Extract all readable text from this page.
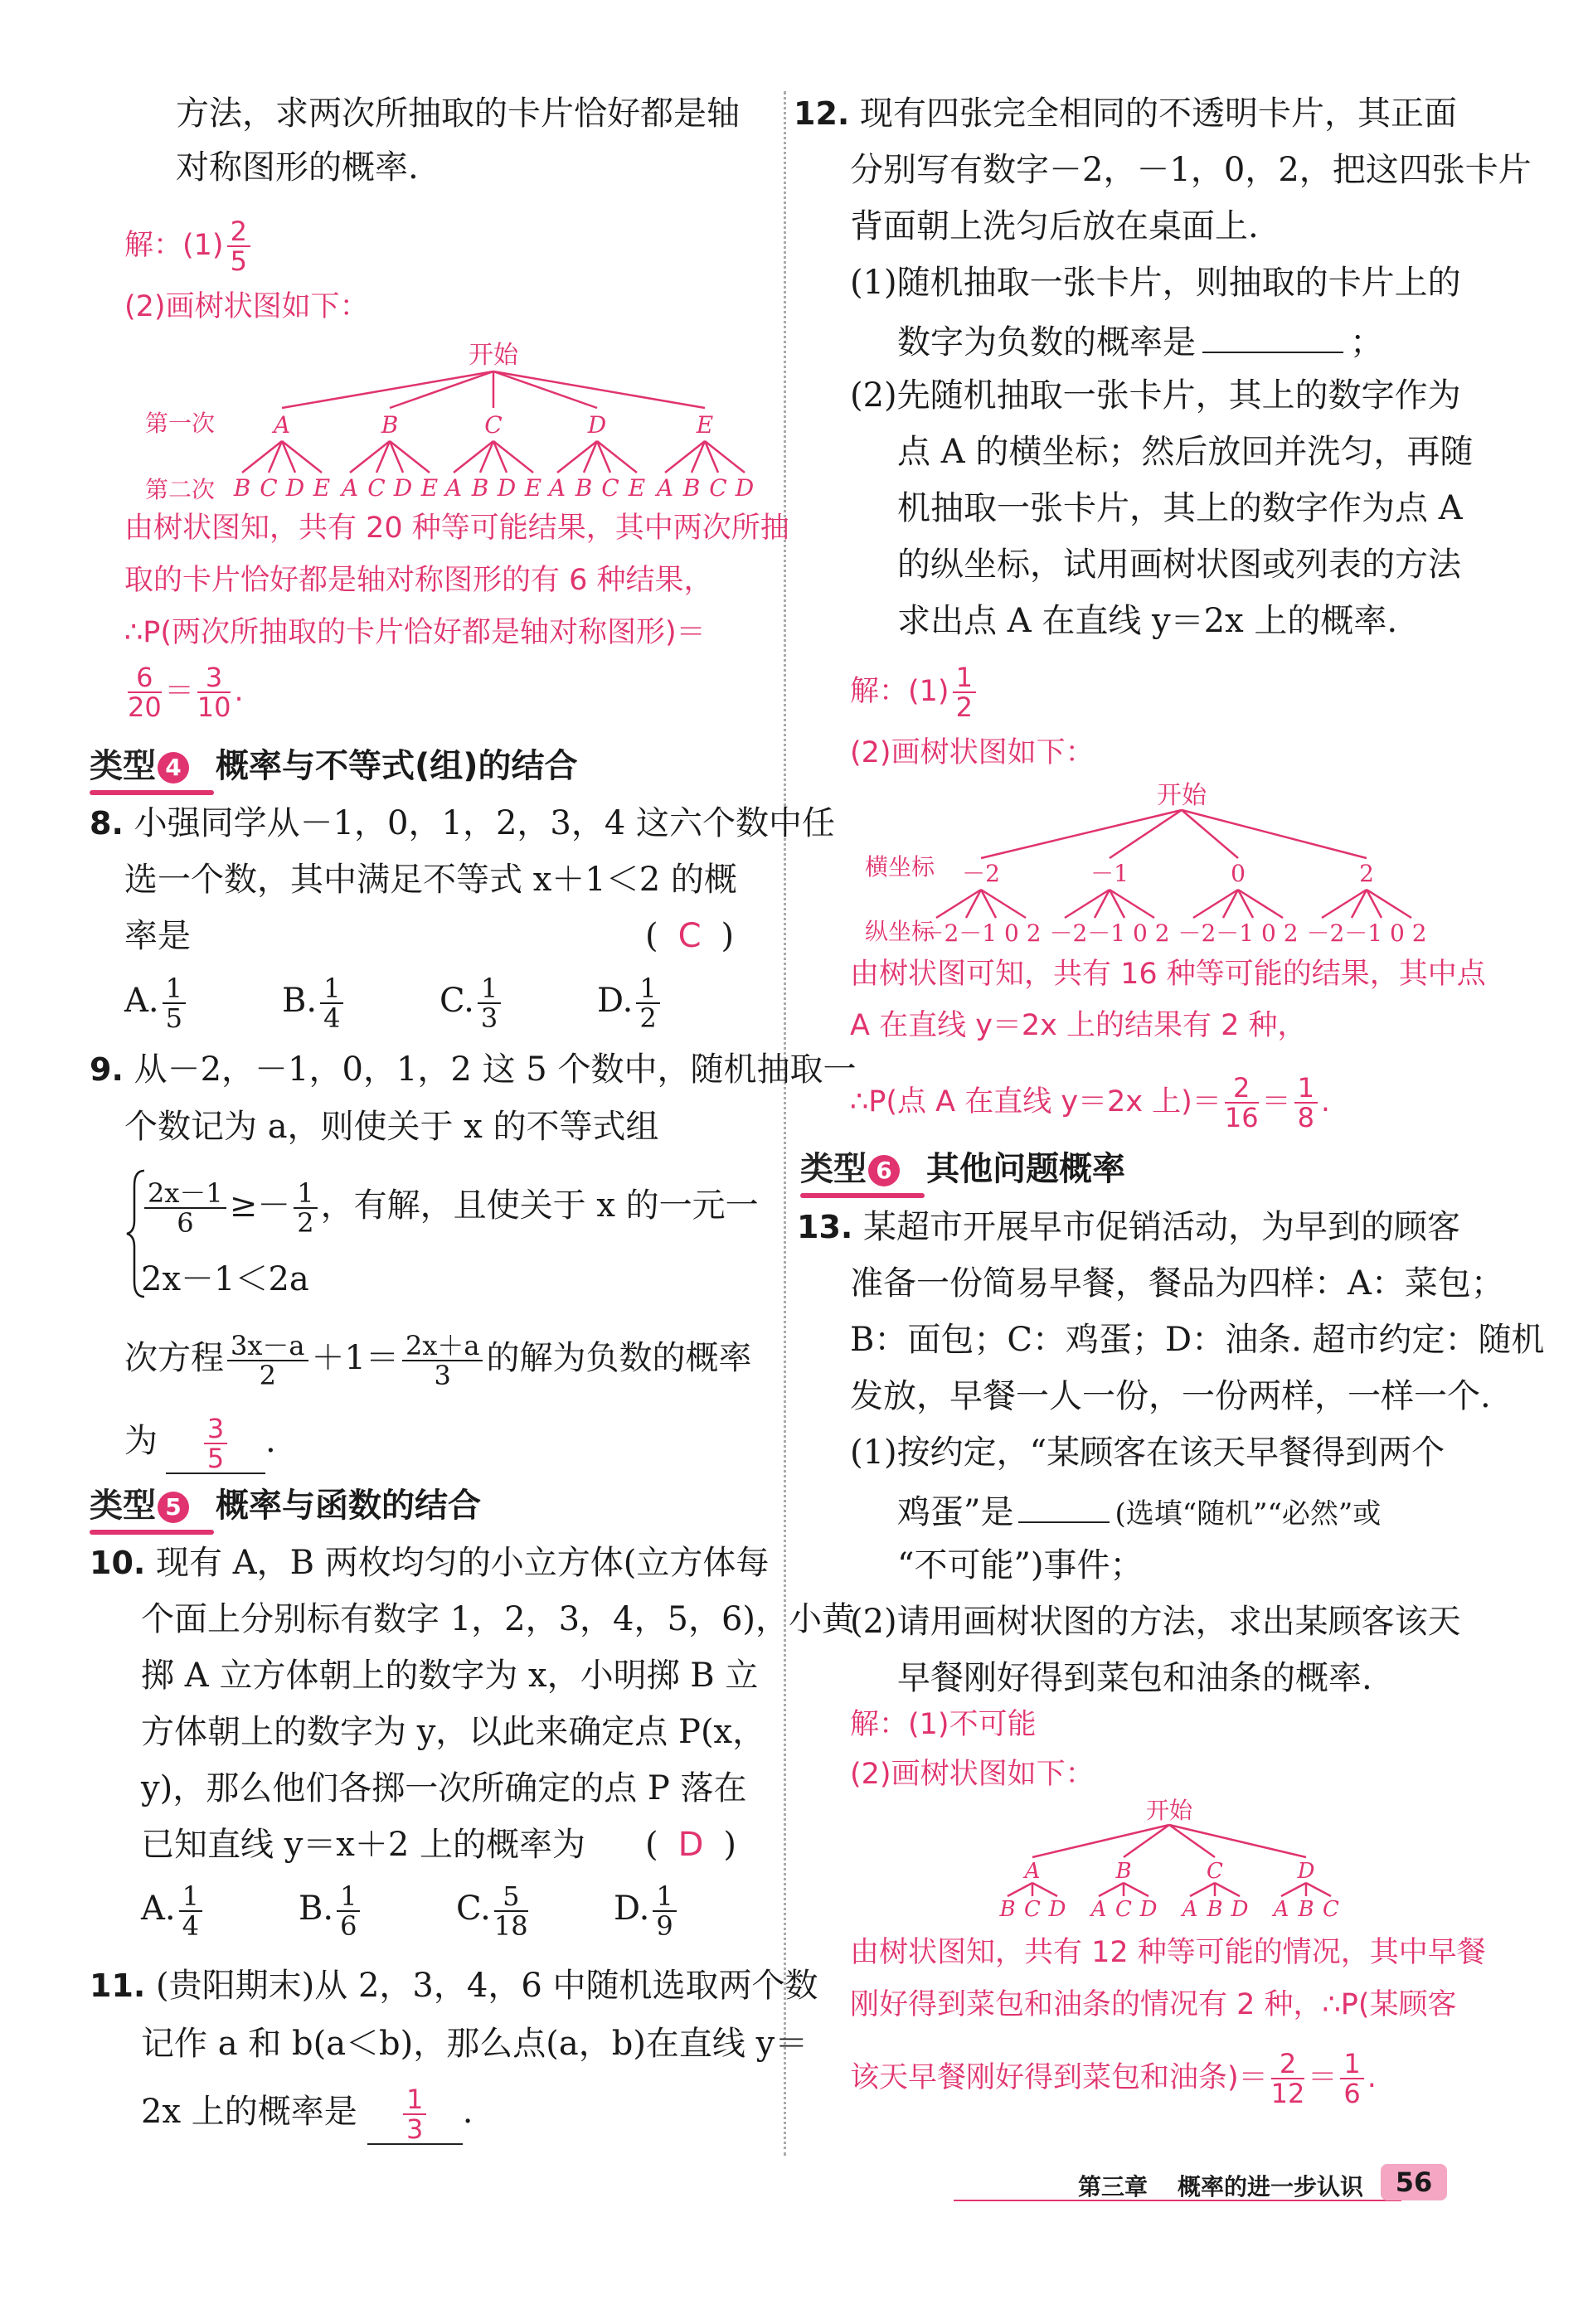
方法，求两次所抽取的卡片恰好都是轴
对称图形的概率.
解：$(1) \frac{2}{5}$
(2)画树状图如下：
开始
第一次
第二次
A
B C D E
B
A C D E
C
A B D E
D
A B C E
E
A B C D
由树状图知，共有 20 种等可能结果，其中两次所抽
取的卡片恰好都是轴对称图形的有 6 种结果，
∴P(两次所抽取的卡片恰好都是轴对称图形)＝
$\frac{6}{20} = \frac{3}{10}$ .
类型 4 概率与不等式(组)的结合
8. 小强同学从－1，0，1，2，3，4 这六个数中任
选一个数，其中满足不等式 x＋1＜2 的概
率是	( C )
A. $\frac{1}{5}$	B. $\frac{1}{4}$	C. $\frac{1}{3}$	D. $\frac{1}{2}$
9. 从－2，－1，0，1，2 这 5 个数中，随机抽取一
个数记为 a，则使关于 x 的不等式组
$\frac{2x-1}{6} \ge- \frac{1}{2}$ ，有解，且使关于 x 的一元一
2x－1＜2a
次方程 $\frac{3x-a}{2} +1= \frac{2x+a}{3}$ 的解为负数的概率
为 $\frac{3}{5}$ .
类型 5 概率与函数的结合
10. 现有 A，B 两枚均匀的小立方体(立方体每
个面上分别标有数字 1，2，3，4，5，6)，小黄
掷 A 立方体朝上的数字为 x，小明掷 B 立
方体朝上的数字为 y，以此来确定点 P(x，
y)，那么他们各掷一次所确定的点 P 落在
已知直线 y＝x＋2 上的概率为 ( D )
A. $\frac{1}{4}$	B. $\frac{1}{6}$	C. $\frac{5}{18}$	D. $\frac{1}{9}$
11. (贵阳期末)从 2，3，4，6 中随机选取两个数
记作 a 和 b(a＜b)，那么点(a，b)在直线 y＝
2x 上的概率是 $\frac{1}{3}$ .
12. 现有四张完全相同的不透明卡片，其正面
分别写有数字－2，－1，0，2，把这四张卡片
背面朝上洗匀后放在桌面上.
(1)随机抽取一张卡片，则抽取的卡片上的
数字为负数的概率是	；
(2)先随机抽取一张卡片，其上的数字作为
点 A 的横坐标；然后放回并洗匀，再随
机抽取一张卡片，其上的数字作为点 A
的纵坐标，试用画树状图或列表的方法
求出点 A 在直线 y＝2x 上的概率.
解：$(1) \frac{1}{2}$
(2)画树状图如下：
开始
横坐标
纵坐标
－2
－2－1 0 2
－1
－2－1 0 2
0
－2－1 0 2
2
－2－1 0 2
由树状图可知，共有 16 种等可能的结果，其中点
A 在直线 y＝2x 上的结果有 2 种，
∴P(点 A 在直线 y＝2x 上)＝ $\frac{2}{16} = \frac{1}{8}$ .
类型 6 其他问题概率
13. 某超市开展早市促销活动，为早到的顾客
准备一份简易早餐，餐品为四样：A：菜包；
B：面包；C：鸡蛋；D：油条. 超市约定：随机
发放，早餐一人一份，一份两样，一样一个.
(1)按约定，“某顾客在该天早餐得到两个
鸡蛋”是	(选填“随机”“必然”或
“不可能”)事件；
(2)请用画树状图的方法，求出某顾客该天
早餐刚好得到菜包和油条的概率.
解：(1)不可能
(2)画树状图如下：
开始
A
B C D
B
A C D
C
A B D
D
A B C
由树状图知，共有 12 种等可能的情况，其中早餐
刚好得到菜包和油条的情况有 2 种，∴P(某顾客
该天早餐刚好得到菜包和油条)＝ $\frac{2}{12} = \frac{1}{6}$ .
第三章 概率的进一步认识	56
